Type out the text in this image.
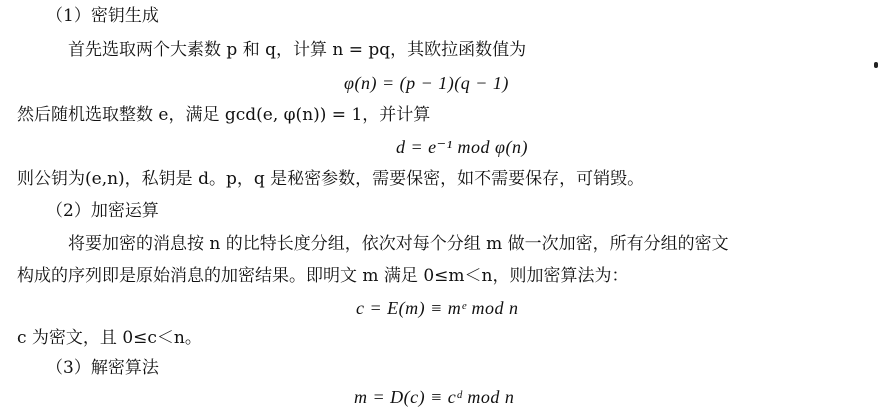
（1）密钥生成
首先选取两个大素数 p 和 q，计算 n = pq，其欧拉函数值为
φ(n) = (p − 1)(q − 1)
然后随机选取整数 e，满足 gcd(e, φ(n)) = 1，并计算
d = e⁻¹ mod φ(n)
则公钥为(e,n)，私钥是 d。p，q 是秘密参数，需要保密，如不需要保存，可销毁。
（2）加密运算
将要加密的消息按 n 的比特长度分组，依次对每个分组 m 做一次加密，所有分组的密文
构成的序列即是原始消息的加密结果。即明文 m 满足 0≤m＜n，则加密算法为：
c = E(m) ≡ mᵉ mod n
c 为密文，且 0≤c＜n。
（3）解密算法
m = D(c) ≡ cᵈ mod n
